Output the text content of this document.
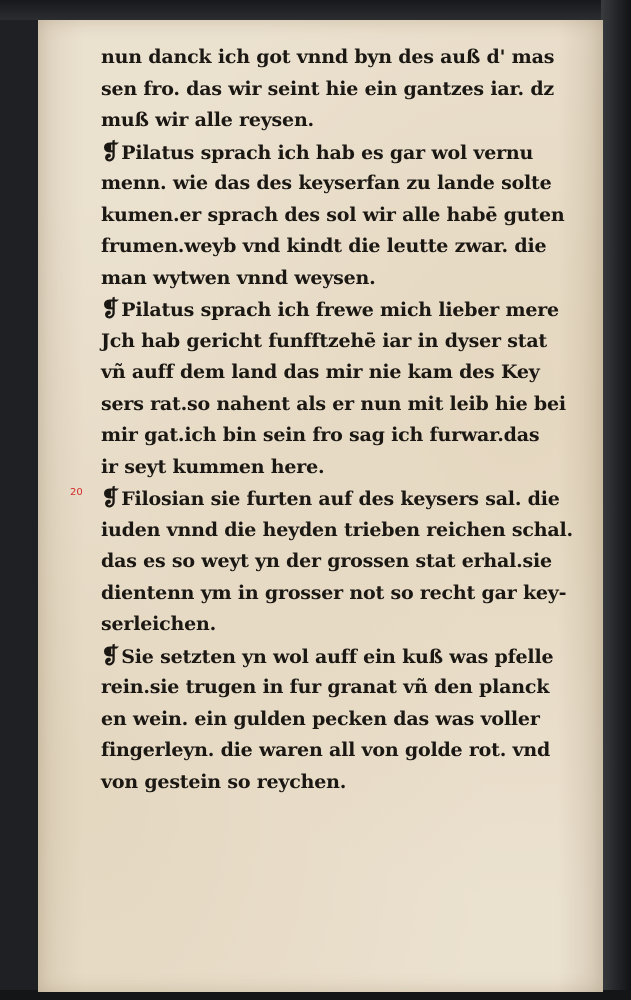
20
nun danck ich got vnnd byn des auß d' mas
sen fro. das wir seint hie ein gantzes iar. dz
muß wir alle reysen.
❡ Pilatus sprach ich hab es gar wol vernu
menn. wie das des keyserfan zu lande solte
kumen.er sprach des sol wir alle habē guten
frumen.weyb vnd kindt die leutte zwar. die
man wytwen vnnd weysen.
❡ Pilatus sprach ich frewe mich lieber mere
Jch hab gericht funfftzehē iar in dyser stat
vñ auff dem land das mir nie kam des Key
sers rat.so nahent als er nun mit leib hie bei
mir gat.ich bin sein fro sag ich furwar.das
ir seyt kummen here.
❡ Filosian sie furten auf des keysers sal. die
iuden vnnd die heyden trieben reichen schal.
das es so weyt yn der grossen stat erhal.sie
dientenn ym in grosser not so recht gar key-
serleichen.
❡ Sie setzten yn wol auff ein kuß was pfelle
rein.sie trugen in fur granat vñ den planck
en wein. ein gulden pecken das was voller
fingerleyn. die waren all von golde rot. vnd
von gestein so reychen.
